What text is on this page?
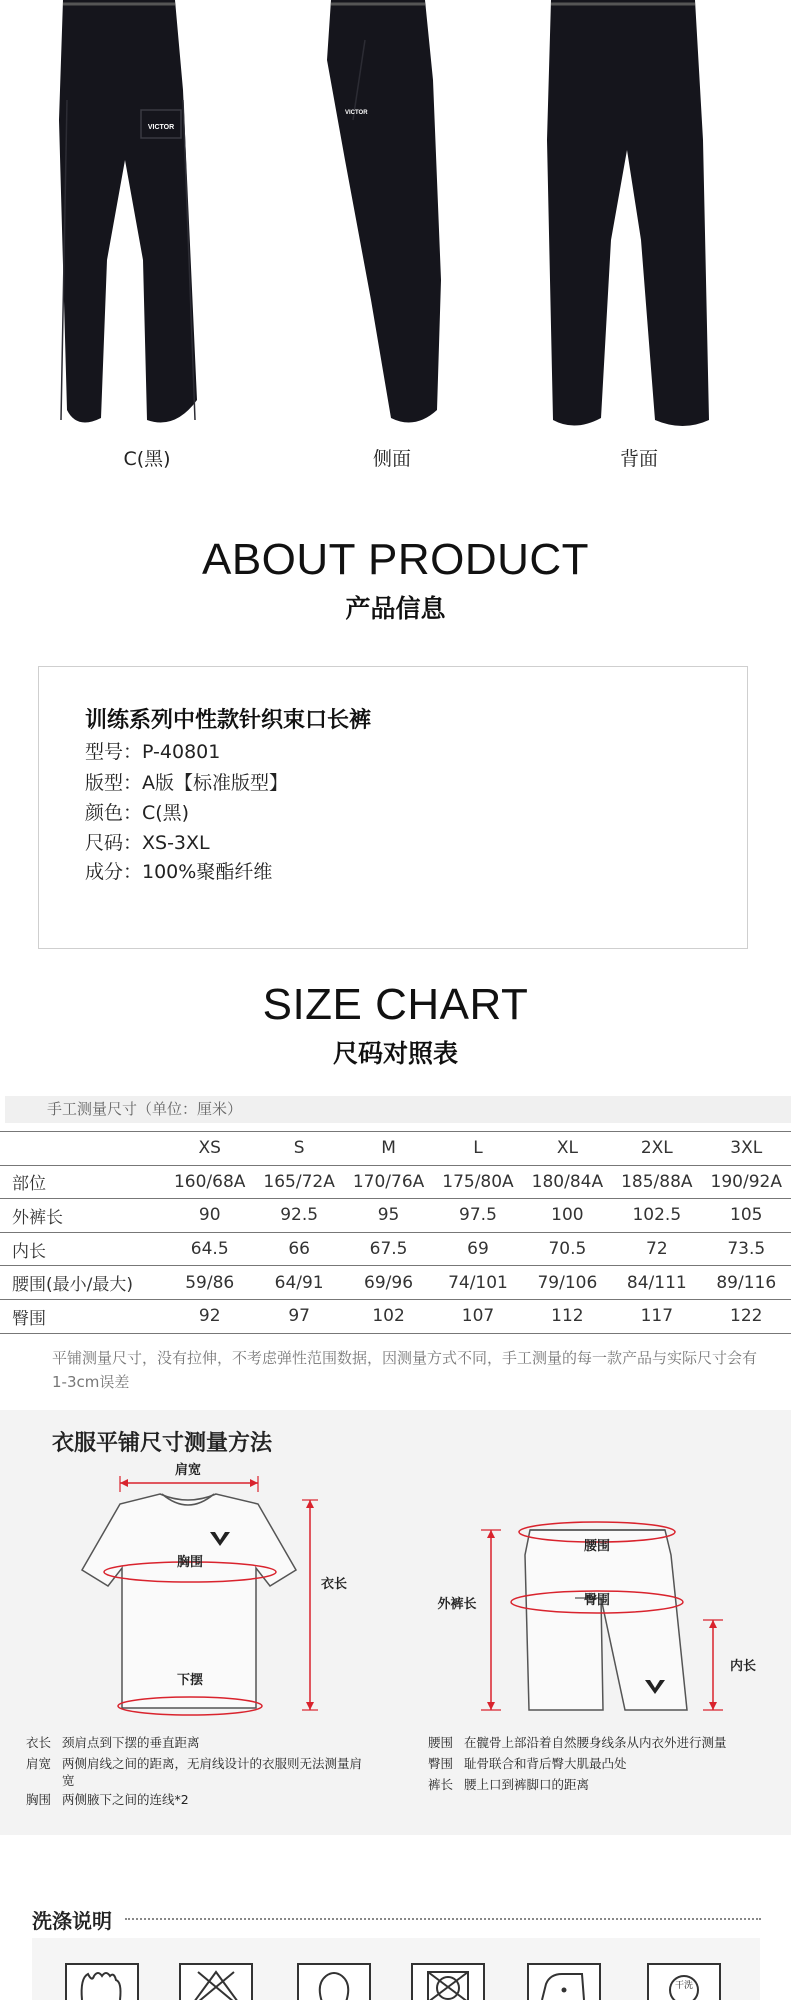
VICTOR
VICTOR
C(黑)	侧面	背面
ABOUT PRODUCT
产品信息
训练系列中性款针织束口长裤
型号：P-40801
版型：A版【标准版型】
颜色：C(黑)
尺码：XS-3XL
成分：100%聚酯纤维
SIZE CHART
尺码对照表
手工测量尺寸（单位：厘米）
	XS	S	M	L	XL	2XL	3XL
部位	160/68A	165/72A	170/76A	175/80A	180/84A	185/88A	190/92A
外裤长	90	92.5	95	97.5	100	102.5	105
内长	64.5	66	67.5	69	70.5	72	73.5
腰围(最小/最大)	59/86	64/91	69/96	74/101	79/106	84/111	89/116
臀围	92	97	102	107	112	117	122
平铺测量尺寸，没有拉伸，不考虑弹性范围数据，因测量方式不同，手工测量的每一款产品与实际尺寸会有1-3cm误差
衣服平铺尺寸测量方法
肩宽
胸围
下摆
衣长
腰围
臀围
外裤长
内长
衣长 颈肩点到下摆的垂直距离
肩宽 两侧肩线之间的距离，无肩线设计的衣服则无法测量肩宽
胸围 两侧腋下之间的连线*2
腰围 在髋骨上部沿着自然腰身线条从内衣外进行测量
臀围 耻骨联合和背后臀大肌最凸处
裤长 腰上口到裤脚口的距离
洗涤说明
干洗
